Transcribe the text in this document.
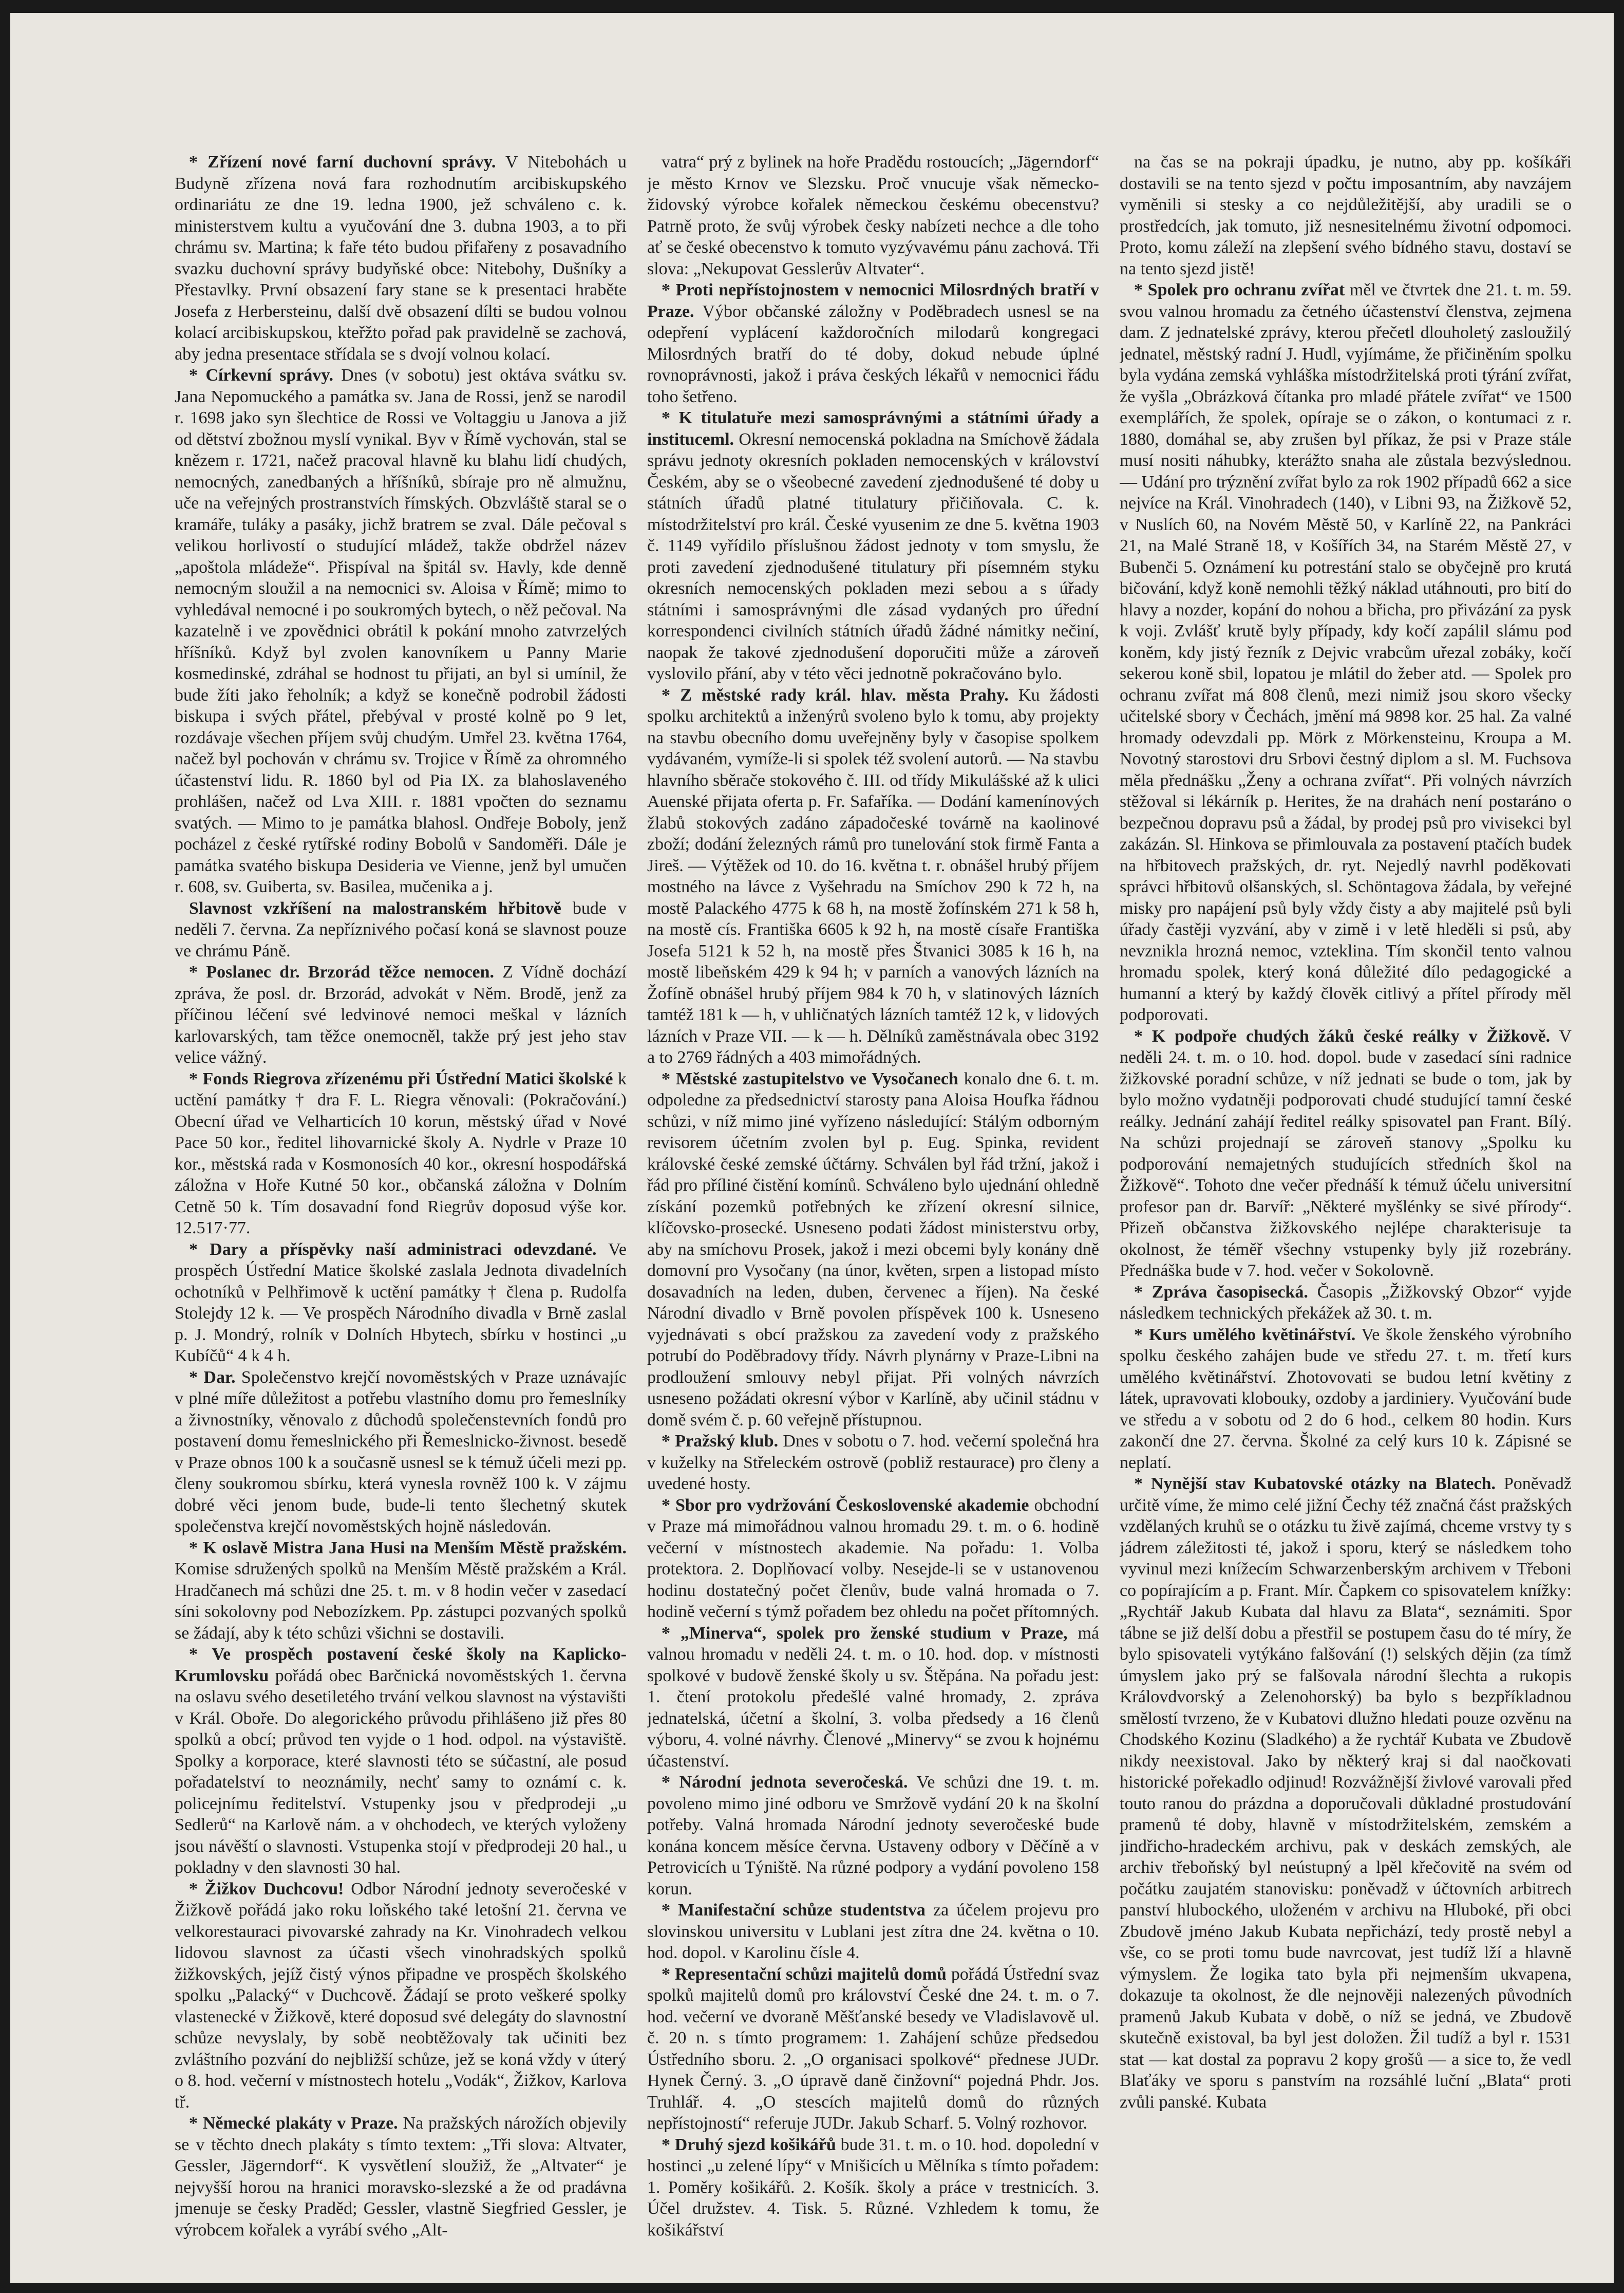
* Zřízení nové farní duchovní správy. V Nitebohách u Budyně zřízena nová fara rozhodnutím arcibiskupského ordinariátu ze dne 19. ledna 1900, jež schváleno c. k. ministerstvem kultu a vyučování dne 3. dubna 1903, a to při chrámu sv. Martina; k faře této budou přifařeny z posavadního svazku duchovní správy budyňské obce: Nitebohy, Dušníky a Přestavlky. První obsazení fary stane se k presentaci hraběte Josefa z Herbersteinu, další dvě obsazení dílti se budou volnou kolací arcibiskupskou, kteřžto pořad pak pravidelně se zachová, aby jedna presentace střídala se s dvojí volnou kolací.

* Církevní správy. Dnes (v sobotu) jest oktáva svátku sv. Jana Nepomuckého a památka sv. Jana de Rossi, jenž se narodil r. 1698 jako syn šlechtice de Rossi ve Voltaggiu u Janova a již od dětství zbožnou myslí vynikal. Byv v Římě vychován, stal se knězem r. 1721, načež pracoval hlavně ku blahu lidí chudých, nemocných, zanedbaných a hříšníků, sbíraje pro ně almužnu, uče na veřejných prostranstvích římských. Obzvláště staral se o kramáře, tuláky a pasáky, jichž bratrem se zval. Dále pečoval s velikou horlivostí o studující mládež, takže obdržel název „apoštola mládeže“. Přispíval na špitál sv. Havly, kde denně nemocným sloužil a na nemocnici sv. Aloisa v Římě; mimo to vyhledával nemocné i po soukromých bytech, o něž pečoval. Na kazatelně i ve zpovědnici obrátil k pokání mnoho zatvrzelých hříšníků. Když byl zvolen kanovníkem u Panny Marie kosmedinské, zdráhal se hodnost tu přijati, an byl si umínil, že bude žíti jako řeholník; a když se konečně podrobil žádosti biskupa i svých přátel, přebýval v prosté kolně po 9 let, rozdávaje všechen příjem svůj chudým. Umřel 23. května 1764, načež byl pochován v chrámu sv. Trojice v Římě za ohromného účastenství lidu. R. 1860 byl od Pia IX. za blahoslaveného prohlášen, načež od Lva XIII. r. 1881 vpočten do seznamu svatých. — Mimo to je památka blahosl. Ondřeje Boboly, jenž pocházel z české rytířské rodiny Bobolů v Sandoměři. Dále je památka svatého biskupa Desideria ve Vienne, jenž byl umučen r. 608, sv. Guiberta, sv. Basilea, mučenika a j.

Slavnost vzkříšení na malostranském hřbitově bude v neděli 7. června. Za nepříznivého počasí koná se slavnost pouze ve chrámu Páně.

* Poslanec dr. Brzorád těžce nemocen. Z Vídně dochází zpráva, že posl. dr. Brzorád, advokát v Něm. Brodě, jenž za příčinou léčení své ledvinové nemoci meškal v lázních karlovarských, tam těžce onemocněl, takže prý jest jeho stav velice vážný.

* Fonds Riegrova zřízenému při Ústřední Matici školské k uctění památky † dra F. L. Riegra věnovali: (Pokračování.) Obecní úřad ve Velharticích 10 korun, městský úřad v Nové Pace 50 kor., ředitel lihovarnické školy A. Nydrle v Praze 10 kor., městská rada v Kosmonosích 40 kor., okresní hospodářská záložna v Hoře Kutné 50 kor., občanská záložna v Dolním Cetně 50 k. Tím dosavadní fond Riegrův doposud výše kor. 12.517·77.

* Dary a příspěvky naší administraci odevzdané. Ve prospěch Ústřední Matice školské zaslala Jednota divadelních ochotníků v Pelhřimově k uctění památky † člena p. Rudolfa Stolejdy 12 k. — Ve prospěch Národního divadla v Brně zaslal p. J. Mondrý, rolník v Dolních Hbytech, sbírku v hostinci „u Kubíčů“ 4 k 4 h.

* Dar. Společenstvo krejčí novoměstských v Praze uznávajíc v plné míře důležitost a potřebu vlastního domu pro řemeslníky a živnostníky, věnovalo z důchodů společenstevních fondů pro postavení domu řemeslnického při Řemeslnicko-živnost. besedě v Praze obnos 100 k a současně usnesl se k témuž účeli mezi pp. členy soukromou sbírku, která vynesla rovněž 100 k. V zájmu dobré věci jenom bude, bude-li tento šlechetný skutek společenstva krejčí novoměstských hojně následován.

* K oslavě Mistra Jana Husi na Menším Městě pražském. Komise sdružených spolků na Menším Městě pražském a Král. Hradčanech má schůzi dne 25. t. m. v 8 hodin večer v zasedací síni sokolovny pod Nebozízkem. Pp. zástupci pozvaných spolků se žádají, aby k této schůzi všichni se dostavili.

* Ve prospěch postavení české školy na Kaplicko-Krumlovsku pořádá obec Barčnická novoměstských 1. června na oslavu svého desetiletého trvání velkou slavnost na výstavišti v Král. Oboře. Do alegorického průvodu přihlášeno již přes 80 spolků a obcí; průvod ten vyjde o 1 hod. odpol. na výstaviště. Spolky a korporace, které slavnosti této se súčastní, ale posud pořadatelství to neoznámily, nechť samy to oznámí c. k. policejnímu ředitelství. Vstupenky jsou v předprodeji „u Sedlerů“ na Karlově nám. a v ohchodech, ve kterých vyloženy jsou návěští o slavnosti. Vstupenka stojí v předprodeji 20 hal., u pokladny v den slavnosti 30 hal.

* Žižkov Duchcovu! Odbor Národní jednoty severočeské v Žižkově pořádá jako roku loňského také letošní 21. června ve velkorestauraci pivovarské zahrady na Kr. Vinohradech velkou lidovou slavnost za účasti všech vinohradských spolků žižkovských, jejíž čistý výnos připadne ve prospěch školského spolku „Palacký“ v Duchcově. Žádají se proto veškeré spolky vlastenecké v Žižkově, které doposud své delegáty do slavnostní schůze nevyslaly, by sobě neobtěžovaly tak učiniti bez zvláštního pozvání do nejbližší schůze, jež se koná vždy v úterý o 8. hod. večerní v místnostech hotelu „Vodák“, Žižkov, Karlova tř.

* Německé plakáty v Praze. Na pražských nárožích objevily se v těchto dnech plakáty s tímto textem: „Tři slova: Altvater, Gessler, Jägerndorf“. K vysvětlení sloužiž, že „Altvater“ je nejvyšší horou na hranici moravsko-slezské a že od pradávna jmenuje se česky Praděd; Gessler, vlastně Siegfried Gessler, je výrobcem kořalek a vyrábí svého „Alt-

vatra“ prý z bylinek na hoře Pradědu rostoucích; „Jägerndorf“ je město Krnov ve Slezsku. Proč vnucuje však německo-židovský výrobce kořalek německou českému obecenstvu? Patrně proto, že svůj výrobek česky nabízeti nechce a dle toho ať se české obecenstvo k tomuto vyzývavému pánu zachová. Tři slova: „Nekupovat Gesslerův Altvater“.

* Proti nepřístojnostem v nemocnici Milosrdných bratří v Praze. Výbor občanské záložny v Poděbradech usnesl se na odepření vyplácení každoročních milodarů kongregaci Milosrdných bratří do té doby, dokud nebude úplné rovnoprávnosti, jakož i práva českých lékařů v nemocnici řádu toho šetřeno.

* K titulatuře mezi samosprávnými a státními úřady a instituceml. Okresní nemocenská pokladna na Smíchově žádala správu jednoty okresních pokladen nemocenských v království Českém, aby se o všeobecné zavedení zjednodušené té doby u státních úřadů platné titulatury přičiňovala. C. k. místodržitelství pro král. České vyusenim ze dne 5. května 1903 č. 1149 vyřídilo příslušnou žádost jednoty v tom smyslu, že proti zavedení zjednodušené titulatury při písemném styku okresních nemocenských pokladen mezi sebou a s úřady státními i samosprávnými dle zásad vydaných pro úřední korrespondenci civilních státních úřadů žádné námitky nečiní, naopak že takové zjednodušení doporučiti může a zároveň vyslovilo přání, aby v této věci jednotně pokračováno bylo.

* Z městské rady král. hlav. města Prahy. Ku žádosti spolku architektů a inženýrů svoleno bylo k tomu, aby projekty na stavbu obecního domu uveřejněny byly v časopise spolkem vydávaném, vymíže-li si spolek též svolení autorů. — Na stavbu hlavního sběrače stokového č. III. od třídy Mikulášské až k ulici Auenské přijata oferta p. Fr. Safaříka. — Dodání kamenínových žlabů stokových zadáno západočeské továrně na kaolinové zboží; dodání železných rámů pro tunelování stok firmě Fanta a Jireš. — Výtěžek od 10. do 16. května t. r. obnášel hrubý příjem mostného na lávce z Vyšehradu na Smíchov 290 k 72 h, na mostě Palackého 4775 k 68 h, na mostě žofínském 271 k 58 h, na mostě cís. Františka 6605 k 92 h, na mostě císaře Františka Josefa 5121 k 52 h, na mostě přes Štvanici 3085 k 16 h, na mostě libeňském 429 k 94 h; v parních a vanových lázních na Žofíně obnášel hrubý příjem 984 k 70 h, v slatinových lázních tamtéž 181 k — h, v uhličnatých lázních tamtéž 12 k, v lidových lázních v Praze VII. — k — h. Dělníků zaměstnávala obec 3192 a to 2769 řádných a 403 mimořádných.

* Městské zastupitelstvo ve Vysočanech konalo dne 6. t. m. odpoledne za předsednictví starosty pana Aloisa Houfka řádnou schůzi, v níž mimo jiné vyřízeno následující: Stálým odborným revisorem účetním zvolen byl p. Eug. Spinka, revident královské české zemské účtárny. Schválen byl řád tržní, jakož i řád pro příliné čistění komínů. Schváleno bylo ujednání ohledně získání pozemků potřebných ke zřízení okresní silnice, klíčovsko-prosecké. Usneseno podati žádost ministerstvu orby, aby na smíchovu Prosek, jakož i mezi obcemi byly konány dně domovní pro Vysočany (na únor, květen, srpen a listopad místo dosavadních na leden, duben, červenec a říjen). Na české Národní divadlo v Brně povolen příspěvek 100 k. Usneseno vyjednávati s obcí pražskou za zavedení vody z pražského potrubí do Poděbradovy třídy. Návrh plynárny v Praze-Libni na prodloužení smlouvy nebyl přijat. Při volných návrzích usneseno požádati okresní výbor v Karlíně, aby učinil stádnu v domě svém č. p. 60 veřejně přístupnou.

* Pražský klub. Dnes v sobotu o 7. hod. večerní společná hra v kuželky na Střeleckém ostrově (pobliž restaurace) pro členy a uvedené hosty.

* Sbor pro vydržování Československé akademie obchodní v Praze má mimořádnou valnou hromadu 29. t. m. o 6. hodině večerní v místnostech akademie. Na pořadu: 1. Volba protektora. 2. Doplňovací volby. Nesejde-li se v ustanovenou hodinu dostatečný počet členův, bude valná hromada o 7. hodině večerní s týmž pořadem bez ohledu na počet přítomných.

* „Minerva“, spolek pro ženské studium v Praze, má valnou hromadu v neděli 24. t. m. o 10. hod. dop. v místnosti spolkové v budově ženské školy u sv. Štěpána. Na pořadu jest: 1. čtení protokolu předešlé valné hromady, 2. zpráva jednatelská, účetní a školní, 3. volba předsedy a 16 členů výboru, 4. volné návrhy. Členové „Minervy“ se zvou k hojnému účastenství.

* Národní jednota severočeská. Ve schůzi dne 19. t. m. povoleno mimo jiné odboru ve Smržově vydání 20 k na školní potřeby. Valná hromada Národní jednoty severočeské bude konána koncem měsíce června. Ustaveny odbory v Děčíně a v Petrovicích u Týniště. Na různé podpory a vydání povoleno 158 korun.

* Manifestační schůze studentstva za účelem projevu pro slovinskou universitu v Lublani jest zítra dne 24. května o 10. hod. dopol. v Karolinu čísle 4.

* Representační schůzi majitelů domů pořádá Ústřední svaz spolků majitelů domů pro království České dne 24. t. m. o 7. hod. večerní ve dvoraně Měšťanské besedy ve Vladislavově ul. č. 20 n. s tímto programem: 1. Zahájení schůze předsedou Ústředního sboru. 2. „O organisaci spolkové“ přednese JUDr. Hynek Černý. 3. „O úpravě daně činžovní“ pojedná Phdr. Jos. Truhlář. 4. „O stescích majitelů domů do různých nepřístojností“ referuje JUDr. Jakub Scharf. 5. Volný rozhovor.

* Druhý sjezd košikářů bude 31. t. m. o 10. hod. dopolední v hostinci „u zelené lípy“ v Mnišicích u Mělníka s tímto pořadem: 1. Poměry košikářů. 2. Košík. školy a práce v trestnicích. 3. Účel družstev. 4. Tisk. 5. Různé. Vzhledem k tomu, že košikářství

na čas se na pokraji úpadku, je nutno, aby pp. košíkáři dostavili se na tento sjezd v počtu imposantním, aby navzájem vyměnili si stesky a co nejdůležitější, aby uradili se o prostředcích, jak tomuto, již nesnesitelnému životní odpomoci. Proto, komu záleží na zlepšení svého bídného stavu, dostaví se na tento sjezd jistě!

* Spolek pro ochranu zvířat měl ve čtvrtek dne 21. t. m. 59. svou valnou hromadu za četného účastenství členstva, zejmena dam. Z jednatelské zprávy, kterou přečetl dlouholetý zasloužilý jednatel, městský radní J. Hudl, vyjímáme, že přičiněním spolku byla vydána zemská vyhláška místodržitelská proti týrání zvířat, že vyšla „Obrázková čítanka pro mladé přátele zvířat“ ve 1500 exemplářích, že spolek, opíraje se o zákon, o kontumaci z r. 1880, domáhal se, aby zrušen byl příkaz, že psi v Praze stále musí nositi náhubky, kterážto snaha ale zůstala bezvýslednou. — Udání pro trýznění zvířat bylo za rok 1902 případů 662 a sice nejvíce na Král. Vinohradech (140), v Libni 93, na Žižkově 52, v Nuslích 60, na Novém Městě 50, v Karlíně 22, na Pankráci 21, na Malé Straně 18, v Košířích 34, na Starém Městě 27, v Bubenči 5. Oznámení ku potrestání stalo se obyčejně pro krutá bičování, když koně nemohli těžký náklad utáhnouti, pro bití do hlavy a nozder, kopání do nohou a břicha, pro přivázání za pysk k voji. Zvlášť krutě byly případy, kdy kočí zapálil slámu pod koněm, kdy jistý řezník z Dejvic vrabcům uřezal zobáky, kočí sekerou koně sbil, lopatou je mlátil do žeber atd. — Spolek pro ochranu zvířat má 808 členů, mezi nimiž jsou skoro všecky učitelské sbory v Čechách, jmění má 9898 kor. 25 hal. Za valné hromady odevzdali pp. Mörk z Mörkensteinu, Kroupa a M. Novotný starostovi dru Srbovi čestný diplom a sl. M. Fuchsova měla přednášku „Ženy a ochrana zvířat“. Při volných návrzích stěžoval si lékárník p. Herites, že na drahách není postaráno o bezpečnou dopravu psů a žádal, by prodej psů pro vivisekci byl zakázán. Sl. Hinkova se přimlouvala za postavení ptačích budek na hřbitovech pražských, dr. ryt. Nejedlý navrhl poděkovati správci hřbitovů olšanských, sl. Schöntagova žádala, by veřejné misky pro napájení psů byly vždy čisty a aby majitelé psů byli úřady častěji vyzvání, aby v zimě i v letě hleděli si psů, aby nevznikla hrozná nemoc, vzteklina. Tím skončil tento valnou hromadu spolek, který koná důležité dílo pedagogické a humanní a který by každý člověk citlivý a přítel přírody měl podporovati.

* K podpoře chudých žáků české reálky v Žižkově. V neděli 24. t. m. o 10. hod. dopol. bude v zasedací síni radnice žižkovské poradní schůze, v níž jednati se bude o tom, jak by bylo možno vydatněji podporovati chudé studující tamní české reálky. Jednání zahájí ředitel reálky spisovatel pan Frant. Bílý. Na schůzi projednají se zároveň stanovy „Spolku ku podporování nemajetných studujících středních škol na Žižkově“. Tohoto dne večer přednáší k témuž účelu universitní profesor pan dr. Barvíř: „Některé myšlénky se sivé přírody“. Přizeň občanstva žižkovského nejlépe charakterisuje ta okolnost, že téměř všechny vstupenky byly již rozebrány. Přednáška bude v 7. hod. večer v Sokolovně.

* Zpráva časopisecká. Časopis „Žižkovský Obzor“ vyjde následkem technických překážek až 30. t. m.

* Kurs umělého květinářství. Ve škole ženského výrobního spolku českého zahájen bude ve středu 27. t. m. třetí kurs umělého květinářství. Zhotovovati se budou letní květiny z látek, upravovati klobouky, ozdoby a jardiniery. Vyučování bude ve středu a v sobotu od 2 do 6 hod., celkem 80 hodin. Kurs zakončí dne 27. června. Školné za celý kurs 10 k. Zápisné se neplatí.

* Nynější stav Kubatovské otázky na Blatech. Poněvadž určitě víme, že mimo celé jižní Čechy též značná část pražských vzdělaných kruhů se o otázku tu živě zajímá, chceme vrstvy ty s jádrem záležitosti té, jakož i sporu, který se následkem toho vyvinul mezi knížecím Schwarzenberským archivem v Třeboni co popírajícím a p. Frant. Mír. Čapkem co spisovatelem knížky: „Rychtář Jakub Kubata dal hlavu za Blata“, seznámiti. Spor tábne se již delší dobu a přestřil se postupem času do té míry, že bylo spisovateli vytýkáno falšování (!) selských dějin (za tímž úmyslem jako prý se falšovala národní šlechta a rukopis Královdvorský a Zelenohorský) ba bylo s bezpříkladnou smělostí tvrzeno, že v Kubatovi dlužno hledati pouze ozvěnu na Chodského Kozinu (Sladkého) a že rychtář Kubata ve Zbudově nikdy neexistoval. Jako by některý kraj si dal naočkovati historické pořekadlo odjinud! Rozvážnější živlové varovali před touto ranou do prázdna a doporučovali důkladné prostudování pramenů té doby, hlavně v místodržitelském, zemském a jindřicho-hradeckém archivu, pak v deskách zemských, ale archiv třeboňský byl neústupný a lpěl křečovitě na svém od počátku zaujatém stanovisku: poněvadž v účtovních arbitrech panství hlubockého, uloženém v archivu na Hluboké, při obci Zbudově jméno Jakub Kubata nepřichází, tedy prostě nebyl a vše, co se proti tomu bude navrcovat, jest tudíž lží a hlavně výmyslem. Že logika tato byla při nejmenším ukvapena, dokazuje ta okolnost, že dle nejnověji nalezených původních pramenů Jakub Kubata v době, o níž se jedná, ve Zbudově skutečně existoval, ba byl jest doložen. Žil tudíž a byl r. 1531 stat — kat dostal za popravu 2 kopy grošů — a sice to, že vedl Blaťáky ve sporu s panstvím na rozsáhlé luční „Blata“ proti zvůli panské. Kubata
